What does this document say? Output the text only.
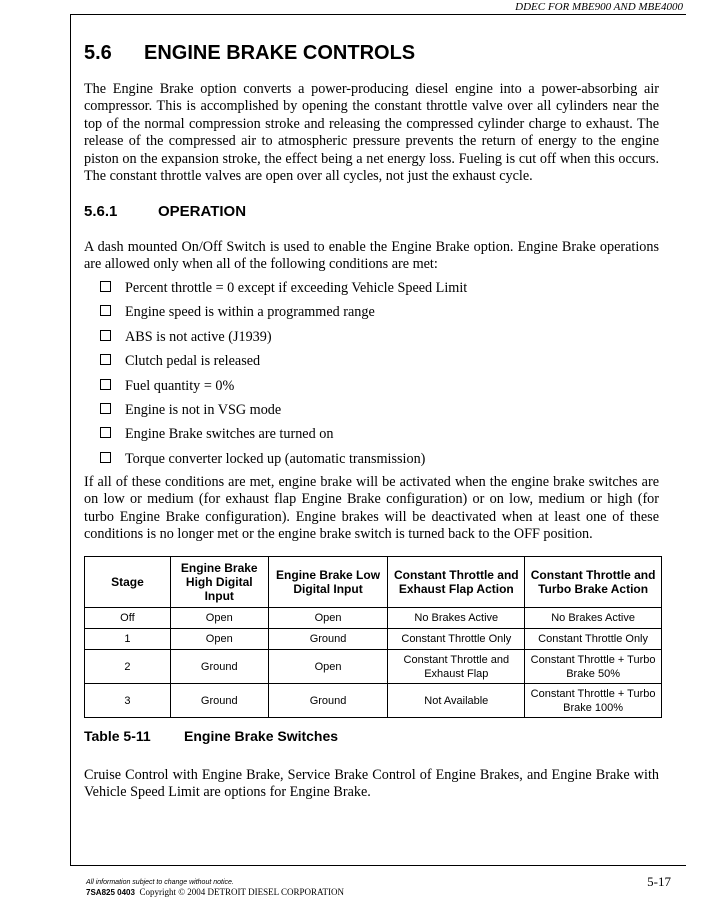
DDEC FOR MBE900 AND MBE4000
5.6 ENGINE BRAKE CONTROLS

The Engine Brake option converts a power-producing diesel engine into a power-absorbing air compressor. This is accomplished by opening the constant throttle valve over all cylinders near the top of the normal compression stroke and releasing the compressed cylinder charge to exhaust. The release of the compressed air to atmospheric pressure prevents the return of energy to the engine piston on the expansion stroke, the effect being a net energy loss. Fueling is cut off when this occurs. The constant throttle valves are open over all cycles, not just the exhaust cycle.

5.6.1	OPERATION

A dash mounted On/Off Switch is used to enable the Engine Brake option. Engine Brake operations are allowed only when all of the following conditions are met:

Percent throttle = 0 except if exceeding Vehicle Speed Limit
Engine speed is within a programmed range
ABS is not active (J1939)
Clutch pedal is released
Fuel quantity = 0%
Engine is not in VSG mode
Engine Brake switches are turned on
Torque converter locked up (automatic transmission)

If all of these conditions are met, engine brake will be activated when the engine brake switches are on low or medium (for exhaust flap Engine Brake configuration) or on low, medium or high (for turbo Engine Brake configuration). Engine brakes will be deactivated when at least one of these conditions is no longer met or the engine brake switch is turned back to the OFF position.

Stage	Engine Brake High Digital Input	Engine Brake Low Digital Input	Constant Throttle and Exhaust Flap Action	Constant Throttle and Turbo Brake Action
Off	Open	Open	No Brakes Active	No Brakes Active
1	Open	Ground	Constant Throttle Only	Constant Throttle Only
2	Ground	Open	Constant Throttle and Exhaust Flap	Constant Throttle + Turbo Brake 50%
3	Ground	Ground	Not Available	Constant Throttle + Turbo Brake 100%
Table 5-11 Engine Brake Switches

Cruise Control with Engine Brake, Service Brake Control of Engine Brakes, and Engine Brake with Vehicle Speed Limit are options for Engine Brake.

All information subject to change without notice.
7SA825 0403 Copyright © 2004 DETROIT DIESEL CORPORATION
5-17
